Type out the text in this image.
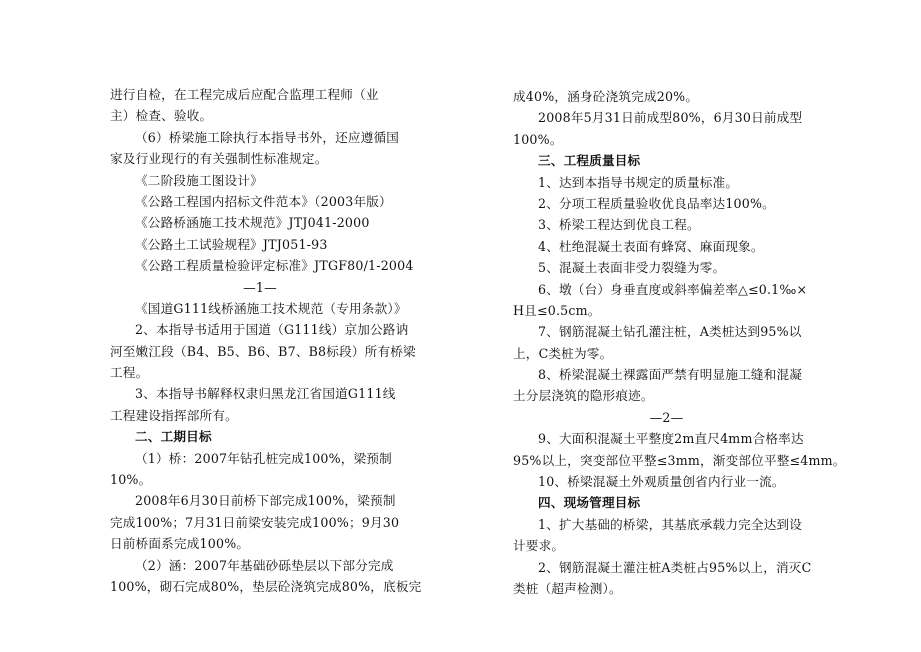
进行自检，在工程完成后应配合监理工程师（业
主）检查、验收。
（6）桥梁施工除执行本指导书外，还应遵循国
家及行业现行的有关强制性标准规定。
《二阶段施工图设计》
《公路工程国内招标文件范本》（2003年版）
《公路桥涵施工技术规范》JTJ041-2000
《公路土工试验规程》JTJ051-93
《公路工程质量检验评定标准》JTGF80/1-2004
—1—
《国道G111线桥涵施工技术规范（专用条款）》
2、本指导书适用于国道（G111线）京加公路讷
河至嫩江段（B4、B5、B6、B7、B8标段）所有桥梁
工程。
3、本指导书解释权隶归黑龙江省国道G111线
工程建设指挥部所有。
二、工期目标
（1）桥：2007年钻孔桩完成100%，梁预制
10%。
2008年6月30日前桥下部完成100%，梁预制
完成100%；7月31日前梁安装完成100%；9月30
日前桥面系完成100%。
（2）涵：2007年基础砂砾垫层以下部分完成
100%，砌石完成80%，垫层砼浇筑完成80%，底板完
成40%，涵身砼浇筑完成20%。
2008年5月31日前成型80%，6月30日前成型
100%。
三、工程质量目标
1、达到本指导书规定的质量标准。
2、分项工程质量验收优良品率达100%。
3、桥梁工程达到优良工程。
4、杜绝混凝土表面有蜂窝、麻面现象。
5、混凝土表面非受力裂缝为零。
6、墩（台）身垂直度或斜率偏差率△≤0.1‰×
H且≤0.5cm。
7、钢筋混凝土钻孔灌注桩，A类桩达到95%以
上，C类桩为零。
8、桥梁混凝土裸露面严禁有明显施工缝和混凝
土分层浇筑的隐形痕迹。
—2—
9、大面积混凝土平整度2m直尺4mm合格率达
95%以上，突变部位平整≤3mm，渐变部位平整≤4mm。
10、桥梁混凝土外观质量创省内行业一流。
四、现场管理目标
1、扩大基础的桥梁，其基底承载力完全达到设
计要求。
2、钢筋混凝土灌注桩A类桩占95%以上，消灭C
类桩（超声检测）。
